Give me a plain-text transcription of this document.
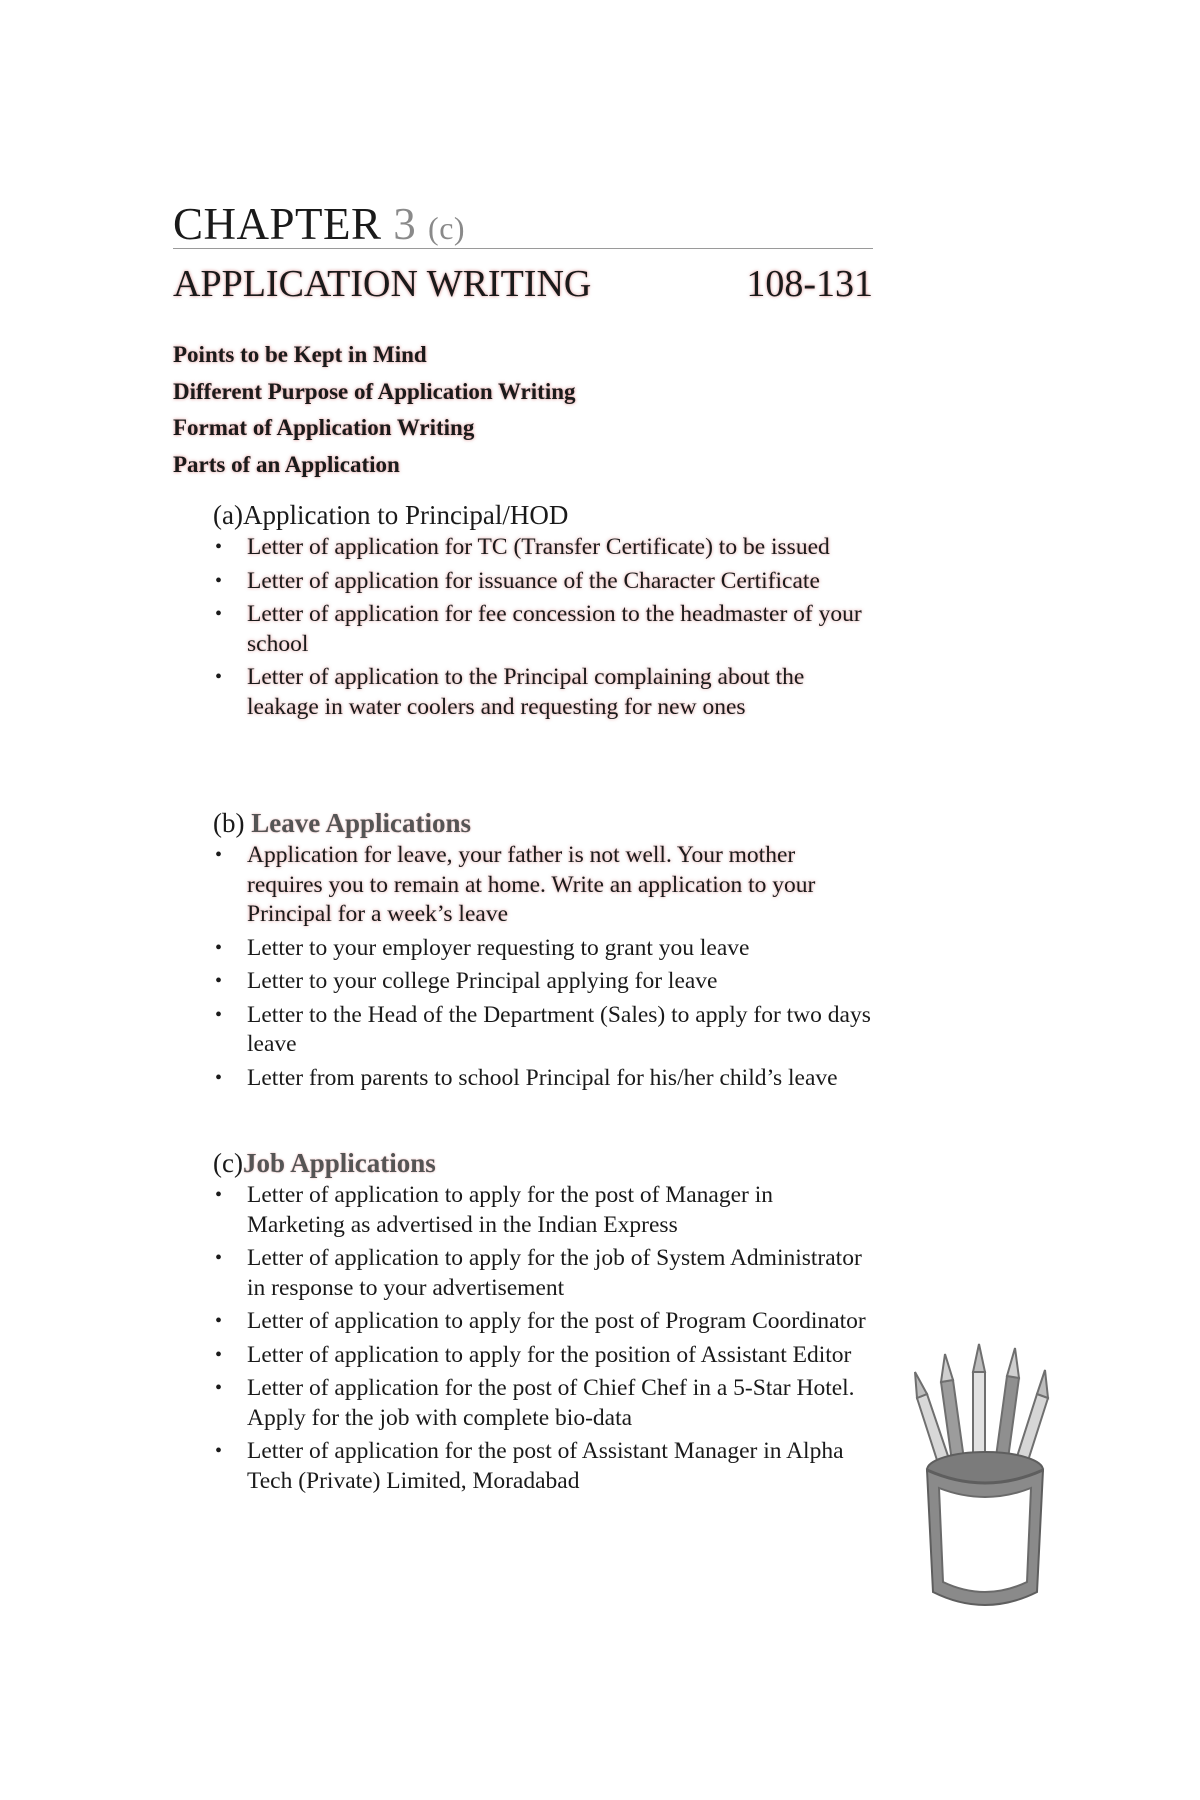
CHAPTER 3 (c)
APPLICATION WRITING	108-131
Points to be Kept in Mind
Different Purpose of Application Writing
Format of Application Writing
Parts of an Application
(a)Application to Principal/HOD
• Letter of application for TC (Transfer Certificate) to be issued
• Letter of application for issuance of the Character Certificate
• Letter of application for fee concession to the headmaster of your school
• Letter of application to the Principal complaining about the leakage in water coolers and requesting for new ones
(b) Leave Applications
• Application for leave, your father is not well. Your mother requires you to remain at home. Write an application to your Principal for a week’s leave
• Letter to your employer requesting to grant you leave
• Letter to your college Principal applying for leave
• Letter to the Head of the Department (Sales) to apply for two days leave
• Letter from parents to school Principal for his/her child’s leave
(c)Job Applications
• Letter of application to apply for the post of Manager in Marketing as advertised in the Indian Express
• Letter of application to apply for the job of System Administrator in response to your advertisement
• Letter of application to apply for the post of Program Coordinator
• Letter of application to apply for the position of Assistant Editor
• Letter of application for the post of Chief Chef in a 5-Star Hotel. Apply for the job with complete bio-data
• Letter of application for the post of Assistant Manager in Alpha Tech (Private) Limited, Moradabad
